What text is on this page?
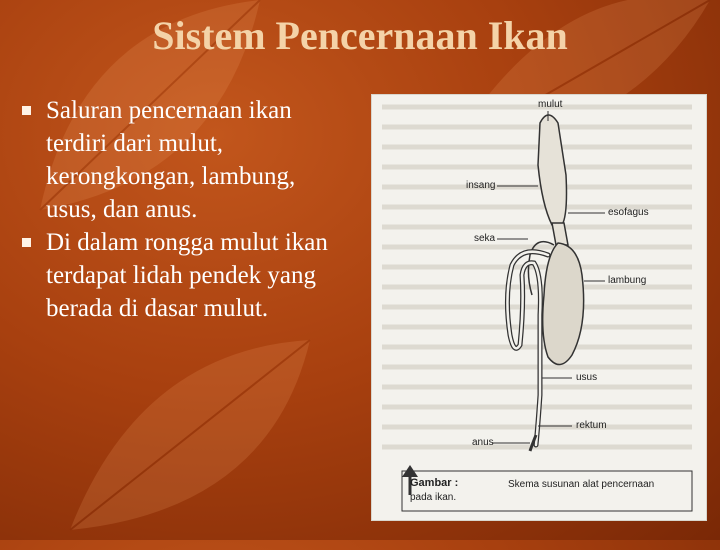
Sistem Pencernaan Ikan
Saluran pencernaan ikan terdiri dari mulut, kerongkongan, lambung, usus, dan anus.
Di dalam rongga mulut ikan terdapat lidah pendek yang berada di dasar mulut.
mulut
insang
esofagus
seka
lambung
usus
rektum
anus
Gambar :
pada ikan.
Skema susunan alat pencernaan
